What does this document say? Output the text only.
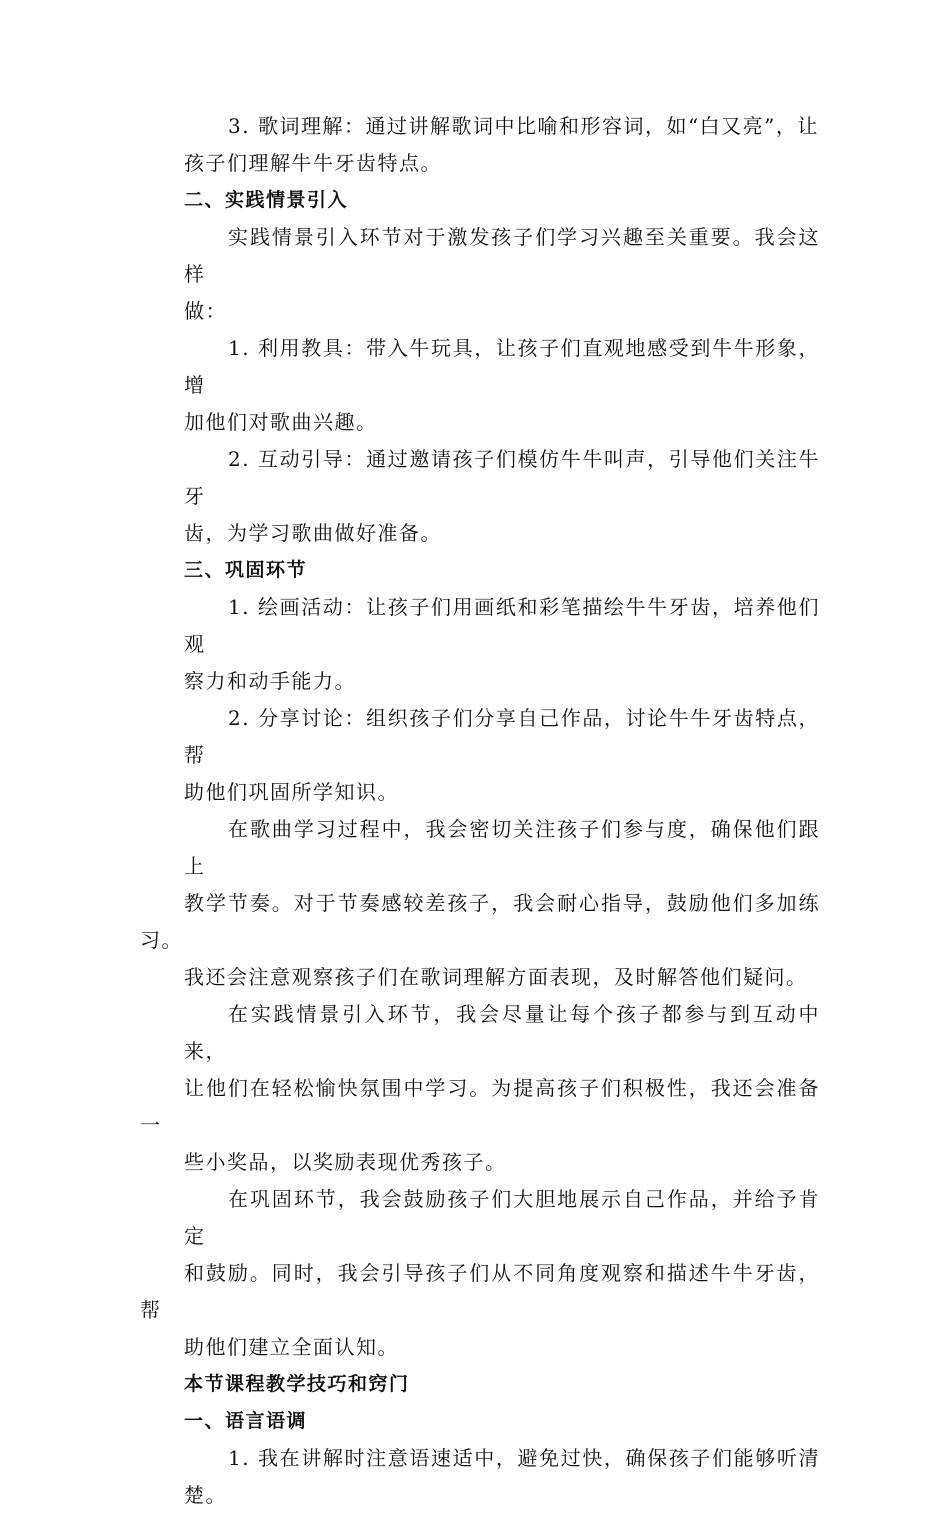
3. 歌词理解：通过讲解歌词中比喻和形容词，如“白又亮”，让
孩子们理解牛牛牙齿特点。
二、实践情景引入
实践情景引入环节对于激发孩子们学习兴趣至关重要。我会这样
做：
1. 利用教具：带入牛玩具，让孩子们直观地感受到牛牛形象，增
加他们对歌曲兴趣。
2. 互动引导：通过邀请孩子们模仿牛牛叫声，引导他们关注牛牙
齿，为学习歌曲做好准备。
三、巩固环节
1. 绘画活动：让孩子们用画纸和彩笔描绘牛牛牙齿，培养他们观
察力和动手能力。
2. 分享讨论：组织孩子们分享自己作品，讨论牛牛牙齿特点，帮
助他们巩固所学知识。
在歌曲学习过程中，我会密切关注孩子们参与度，确保他们跟上
教学节奏。对于节奏感较差孩子，我会耐心指导，鼓励他们多加练习。
我还会注意观察孩子们在歌词理解方面表现，及时解答他们疑问。
在实践情景引入环节，我会尽量让每个孩子都参与到互动中来，
让他们在轻松愉快氛围中学习。为提高孩子们积极性，我还会准备一
些小奖品，以奖励表现优秀孩子。
在巩固环节，我会鼓励孩子们大胆地展示自己作品，并给予肯定
和鼓励。同时，我会引导孩子们从不同角度观察和描述牛牛牙齿，帮
助他们建立全面认知。
本节课程教学技巧和窍门
一、语言语调
1. 我在讲解时注意语速适中，避免过快，确保孩子们能够听清楚。
